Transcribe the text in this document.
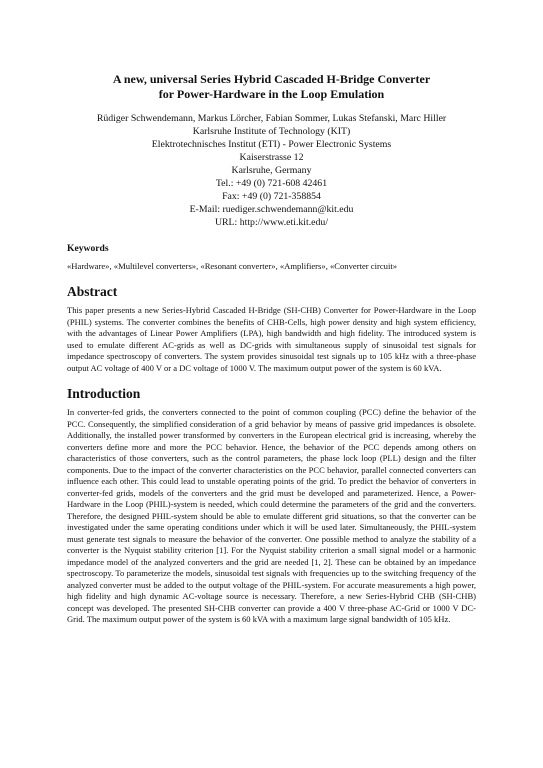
A new, universal Series Hybrid Cascaded H-Bridge Converter
for Power-Hardware in the Loop Emulation
Rüdiger Schwendemann, Markus Lörcher, Fabian Sommer, Lukas Stefanski, Marc Hiller
Karlsruhe Institute of Technology (KIT)
Elektrotechnisches Institut (ETI) - Power Electronic Systems
Kaiserstrasse 12
Karlsruhe, Germany
Tel.: +49 (0) 721-608 42461
Fax: +49 (0) 721-358854
E-Mail: ruediger.schwendemann@kit.edu
URL: http://www.eti.kit.edu/
Keywords
«Hardware», «Multilevel converters», «Resonant converter», «Amplifiers», «Converter circuit»
Abstract

This paper presents a new Series-Hybrid Cascaded H-Bridge (SH-CHB) Converter for Power-Hardware in the Loop (PHIL) systems. The converter combines the benefits of CHB-Cells, high power density and high system efficiency, with the advantages of Linear Power Amplifiers (LPA), high bandwidth and high fidelity. The introduced system is used to emulate different AC-grids as well as DC-grids with simultaneous supply of sinusoidal test signals for impedance spectroscopy of converters. The system provides sinusoidal test signals up to 105 kHz with a three-phase output AC voltage of 400 V or a DC voltage of 1000 V. The maximum output power of the system is 60 kVA.

Introduction

In converter-fed grids, the converters connected to the point of common coupling (PCC) define the behavior of the PCC. Consequently, the simplified consideration of a grid behavior by means of passive grid impedances is obsolete. Additionally, the installed power transformed by converters in the European electrical grid is increasing, whereby the converters define more and more the PCC behavior. Hence, the behavior of the PCC depends among others on characteristics of those converters, such as the control parameters, the phase lock loop (PLL) design and the filter components. Due to the impact of the converter characteristics on the PCC behavior, parallel connected converters can influence each other. This could lead to unstable operating points of the grid. To predict the behavior of converters in converter-fed grids, models of the converters and the grid must be developed and parameterized. Hence, a Power-Hardware in the Loop (PHIL)-system is needed, which could determine the parameters of the grid and the converters. Therefore, the designed PHIL-system should be able to emulate different grid situations, so that the converter can be investigated under the same operating conditions under which it will be used later. Simultaneously, the PHIL-system must generate test signals to measure the behavior of the converter. One possible method to analyze the stability of a converter is the Nyquist stability criterion [1]. For the Nyquist stability criterion a small signal model or a harmonic impedance model of the analyzed converters and the grid are needed [1, 2]. These can be obtained by an impedance spectroscopy. To parameterize the models, sinusoidal test signals with frequencies up to the switching frequency of the analyzed converter must be added to the output voltage of the PHIL-system. For accurate measurements a high power, high fidelity and high dynamic AC-voltage source is necessary. Therefore, a new Series-Hybrid CHB (SH-CHB) concept was developed. The presented SH-CHB converter can provide a 400 V three-phase AC-Grid or 1000 V DC-Grid. The maximum output power of the system is 60 kVA with a maximum large signal bandwidth of 105 kHz.
